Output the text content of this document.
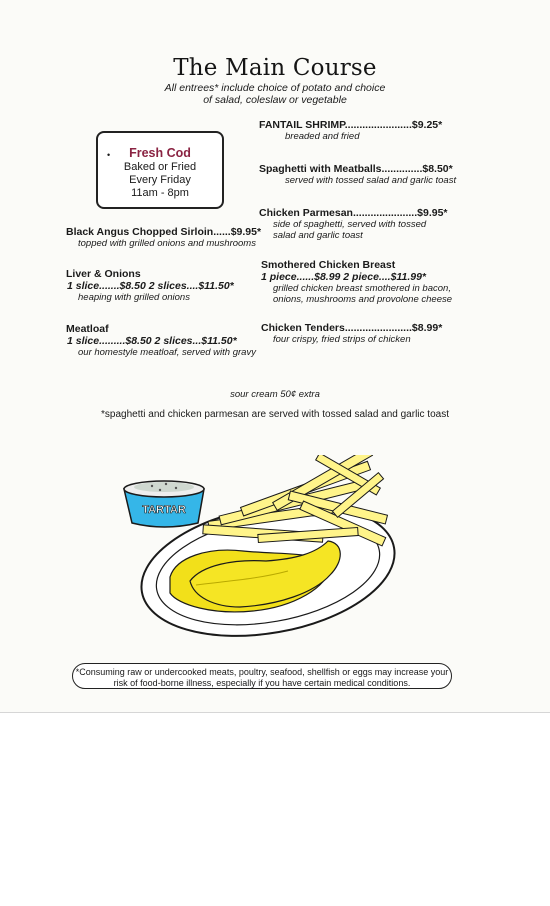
The Main Course
All entrees* include choice of potato and choice
of salad, coleslaw or vegetable
•	Fresh Cod
Baked or Fried
Every Friday
11am - 8pm
Black Angus Chopped Sirloin......$9.95*
topped with grilled onions and mushrooms
Liver & Onions
1 slice.......$8.50 2 slices....$11.50*
heaping with grilled onions
Meatloaf
1 slice.........$8.50 2 slices...$11.50*
our homestyle meatloaf, served with gravy
FANTAIL SHRIMP.......................$9.25*
breaded and fried
Spaghetti with Meatballs..............$8.50*
served with tossed salad and garlic toast
Chicken Parmesan......................$9.95*
side of spaghetti, served with tossed
salad and garlic toast
Smothered Chicken Breast
1 piece......$8.99 2 piece....$11.99*
grilled chicken breast smothered in bacon,
onions, mushrooms and provolone cheese
Chicken Tenders.......................$8.99*
four crispy, fried strips of chicken
sour cream 50¢ extra
*spaghetti and chicken parmesan are served with tossed salad and garlic toast
TARTAR
*Consuming raw or undercooked meats, poultry, seafood, shellfish or eggs may increase your
risk of food-borne illness, especially if you have certain medical conditions.
